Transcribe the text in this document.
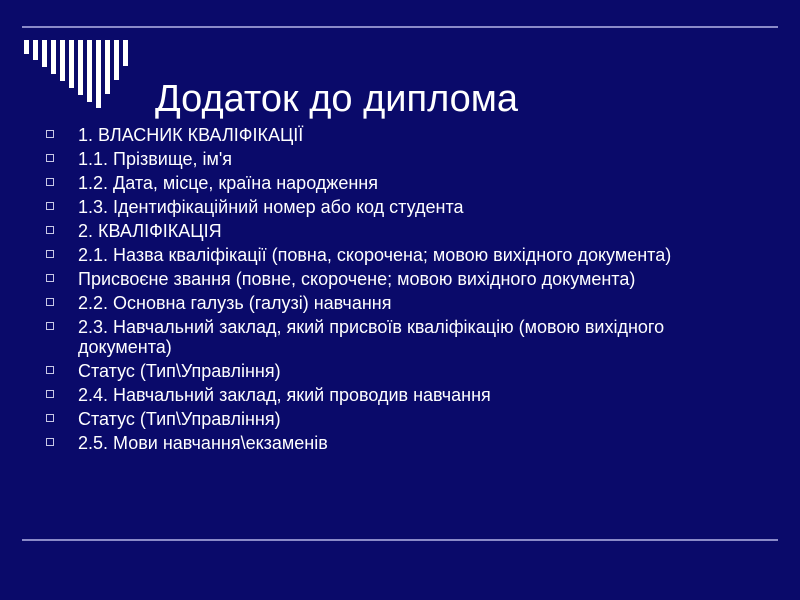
Додаток до диплома
1. ВЛАСНИК КВАЛІФІКАЦІЇ
1.1. Прізвище, ім'я
1.2. Дата, місце, країна народження
1.3. Ідентифікаційний номер або код студента
2. КВАЛІФІКАЦІЯ
2.1. Назва кваліфікації (повна, скорочена; мовою вихідного документа)
Присвоєне звання (повне, скорочене; мовою вихідного документа)
2.2. Основна галузь (галузі) навчання
2.3. Навчальний заклад, який присвоїв кваліфікацію (мовою вихідного документа)
Статус (Тип\Управління)
2.4. Навчальний заклад, який проводив навчання
Статус (Тип\Управління)
2.5. Мови навчання\екзаменів
